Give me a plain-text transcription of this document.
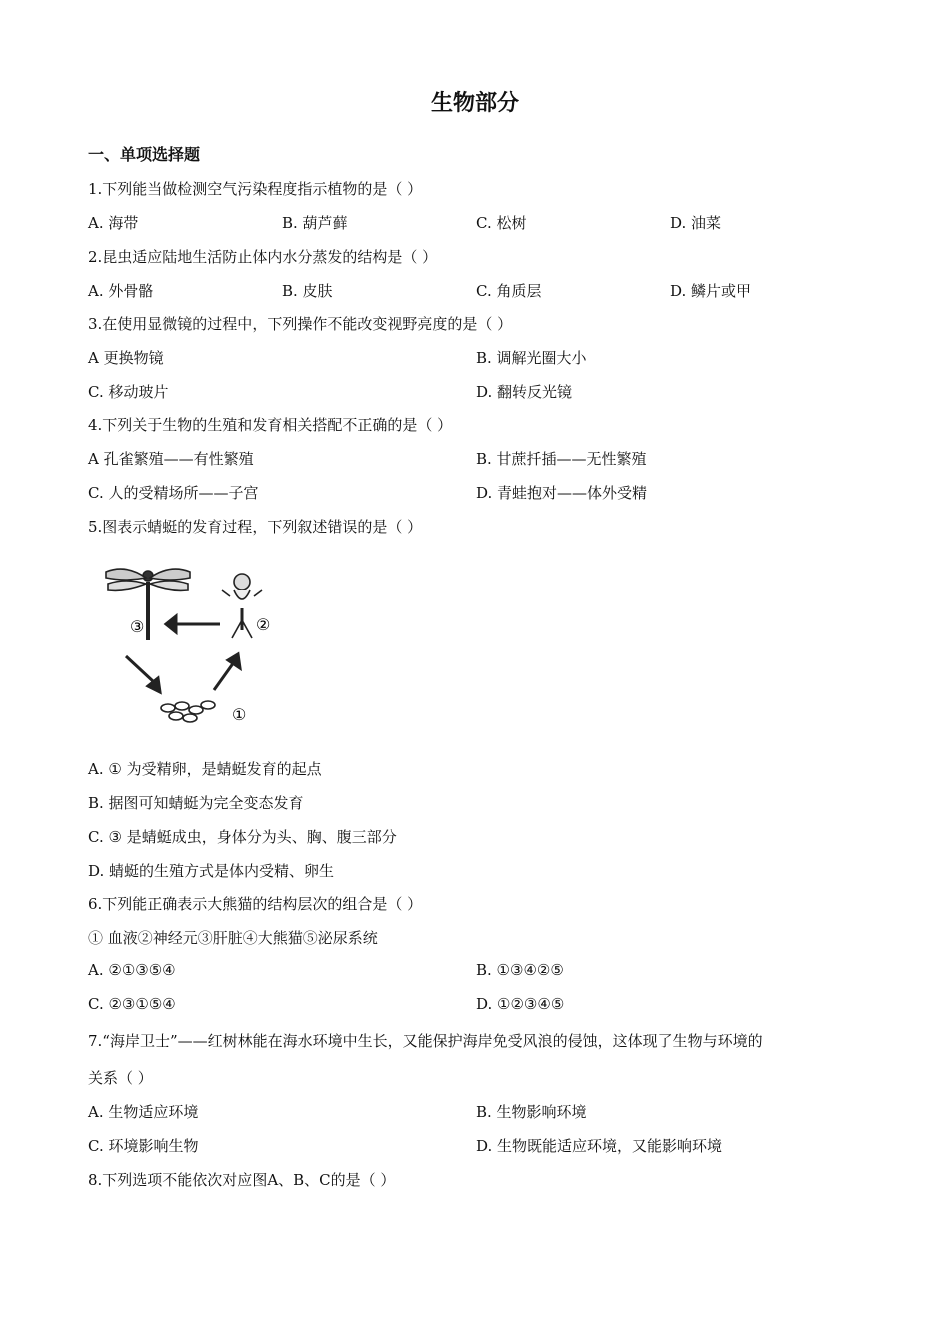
生物部分
一、单项选择题
1.下列能当做检测空气污染程度指示植物的是（ ）
A. 海带	B. 葫芦藓	C. 松树	D. 油菜
2.昆虫适应陆地生活防止体内水分蒸发的结构是（ ）
A. 外骨骼	B. 皮肤	C. 角质层	D. 鳞片或甲
3.在使用显微镜的过程中，下列操作不能改变视野亮度的是（ ）
A 更换物镜	B. 调解光圈大小
C. 移动玻片	D. 翻转反光镜
4.下列关于生物的生殖和发育相关搭配不正确的是（ ）
A 孔雀繁殖——有性繁殖	B. 甘蔗扦插——无性繁殖
C. 人的受精场所——子宫	D. 青蛙抱对——体外受精
5.图表示蜻蜓的发育过程，下列叙述错误的是（ ）
③	②
①
A. ① 为受精卵，是蜻蜓发育的起点
B. 据图可知蜻蜓为完全变态发育
C. ③ 是蜻蜓成虫，身体分为头、胸、腹三部分
D. 蜻蜓的生殖方式是体内受精、卵生
6.下列能正确表示大熊猫的结构层次的组合是（ ）
① 血液②神经元③肝脏④大熊猫⑤泌尿系统
A. ②①③⑤④	B. ①③④②⑤
C. ②③①⑤④	D. ①②③④⑤
7.“海岸卫士”——红树林能在海水环境中生长，又能保护海岸免受风浪的侵蚀，这体现了生物与环境的
关系（ ）
A. 生物适应环境	B. 生物影响环境
C. 环境影响生物	D. 生物既能适应环境，又能影响环境
8.下列选项不能依次对应图A、B、C的是（ ）
